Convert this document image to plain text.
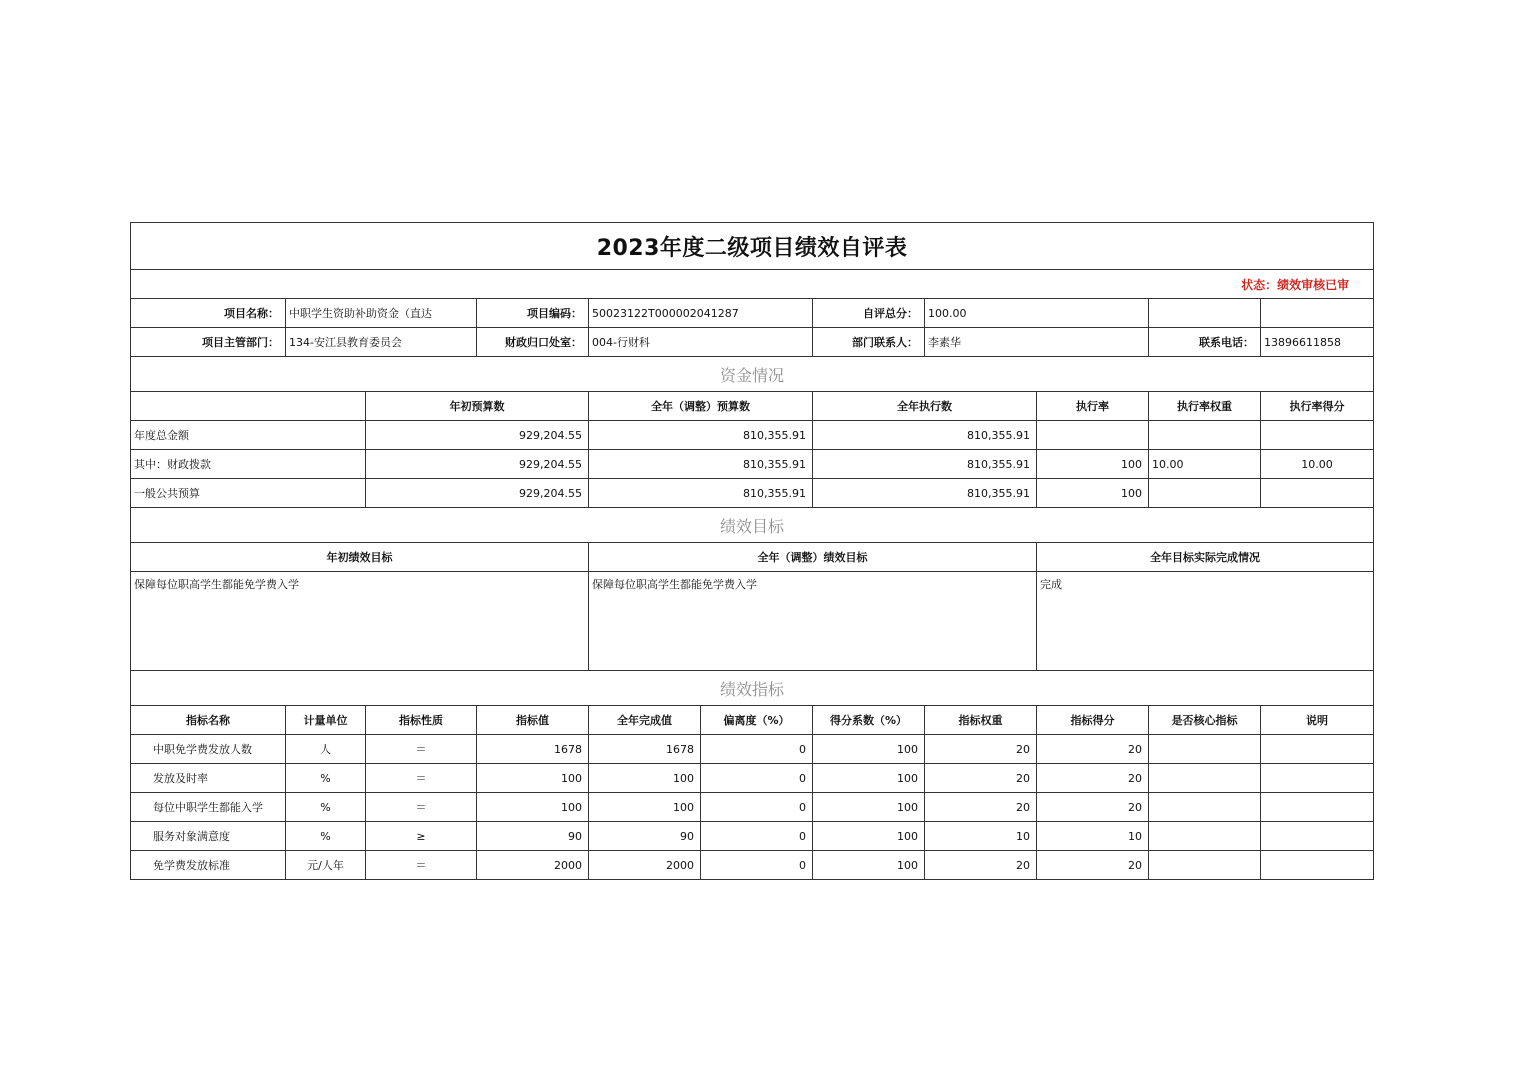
2023年度二级项目绩效自评表										
状态：绩效审核已审										
项目名称：	中职学生资助补助资金（直达		项目编码：	50023122T000002041287		自评总分：	100.00			
项目主管部门：	134-安江县教育委员会		财政归口处室：	004-行财科		部门联系人：	李素华		联系电话：	13896611858
资金情况										
		年初预算数		全年（调整）预算数		全年执行数		执行率	执行率权重	执行率得分
年度总金额		929,204.55		810,355.91		810,355.91				
其中：财政拨款		929,204.55		810,355.91		810,355.91		100	10.00	10.00
一般公共预算		929,204.55		810,355.91		810,355.91		100		
绩效目标										
年初绩效目标				全年（调整）绩效目标				全年目标实际完成情况		
保障每位职高学生都能免学费入学				保障每位职高学生都能免学费入学				完成		
绩效指标										
指标名称	计量单位	指标性质	指标值	全年完成值	偏离度（%）	得分系数（%）	指标权重	指标得分	是否核心指标	说明
中职免学费发放人数	人	＝	1678	1678	0	100	20	20		
发放及时率	%	＝	100	100	0	100	20	20		
每位中职学生都能入学	%	＝	100	100	0	100	20	20		
服务对象满意度	%	≥	90	90	0	100	10	10		
免学费发放标准	元/人年	＝	2000	2000	0	100	20	20		
